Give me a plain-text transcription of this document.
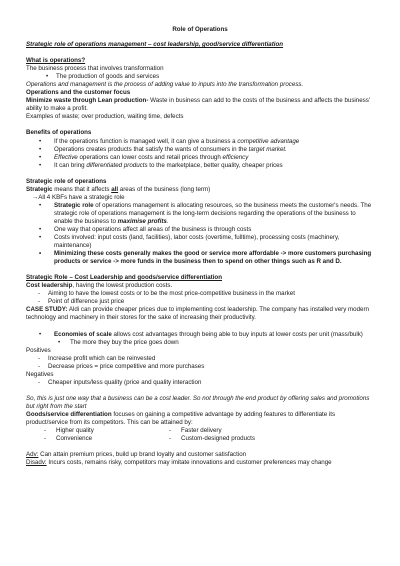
Role of Operations

Strategic role of operations management – cost leadership, good/service differentiation

What is operations?

The business process that involves transformation

• The production of goods and services

Operations and management is the process of adding value to inputs into the transformation process.

Operations and the customer focus

Minimize waste through Lean production- Waste in business can add to the costs of the business and affects the business' ability to make a profit.

Examples of waste; over production, waiting time, defects

Benefits of operations

• If the operations function is managed well, it can give a business a competitive advantage

• Operations creates products that satisfy the wants of consumers in the target market.

• Effective operations can lower costs and retail prices through efficiency

• It can bring differentiated products to the marketplace, better quality, cheaper prices

Strategic role of operations

Strategic means that it affects all areas of the business (long term)

→All 4 KBFs have a strategic role

• Strategic role of operations management is allocating resources, so the business meets the customer's needs. The strategic role of operations management is the long-term decisions regarding the operations of the business to enable the business to maximise profits.

• One way that operations affect all areas of the business is through costs

• Costs involved: input costs (land, facilities), labor costs (overtime, fulltime), processing costs (machinery, maintenance)

• Minimizing these costs generally makes the good or service more affordable -> more customers purchasing products or service -> more funds in the business then to spend on other things such as R and D.

Strategic Role – Cost Leadership and goods/service differentiation

Cost leadership, having the lowest production costs.

- Aiming to have the lowest costs or to be the most price-competitive business in the market

- Point of difference just price

CASE STUDY: Aldi can provide cheaper prices due to implementing cost leadership. The company has installed very modern technology and machinery in their stores for the sake of increasing their productivity.

• Economies of scale allows cost advantages through being able to buy inputs at lower costs per unit (mass/bulk)

• The more they buy the price goes down

Positives

- Increase profit which can be reinvested

- Decrease prices = price competitive and more purchases

Negatives

- Cheaper inputs/less quality (price and quality interaction

So, this is just one way that a business can be a cost leader. So not through the end product by offering sales and promotions but right from the start

Goods/service differentiation focuses on gaining a competitive advantage by adding features to differentiate its product/service from its competitors. This can be attained by:

- Higher quality	- Faster delivery
- Convenience	- Custom-designed products

Adv: Can attain premium prices, build up brand loyalty and customer satisfaction

Disadv: Incurs costs, remains risky, competitors may imitate innovations and customer preferences may change
